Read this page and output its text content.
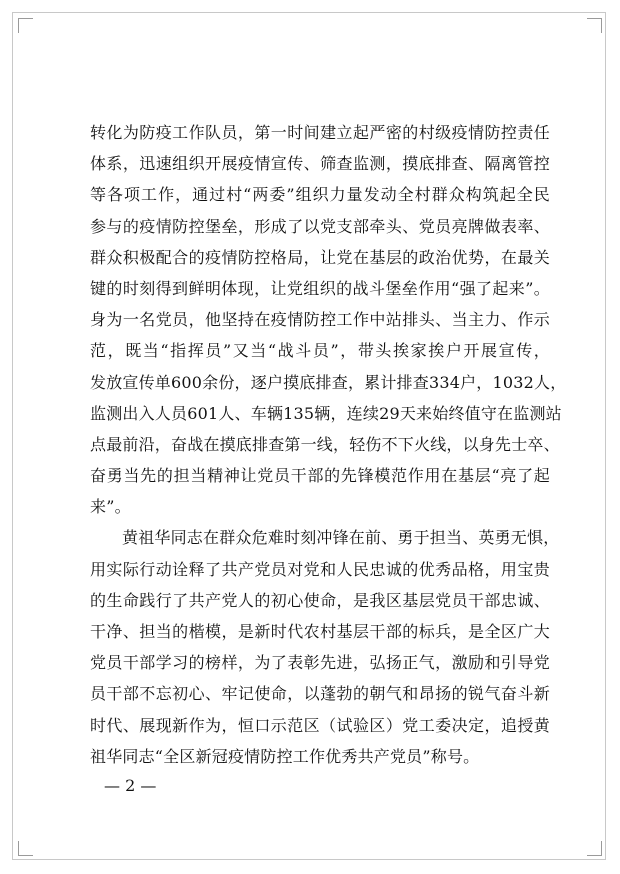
转化为防疫工作队员，第一时间建立起严密的村级疫情防控责任
体系，迅速组织开展疫情宣传、筛查监测，摸底排查、隔离管控
等各项工作，通过村“两委”组织力量发动全村群众构筑起全民
参与的疫情防控堡垒，形成了以党支部牵头、党员亮牌做表率、
群众积极配合的疫情防控格局，让党在基层的政治优势，在最关
键的时刻得到鲜明体现，让党组织的战斗堡垒作用“强了起来”。
身为一名党员，他坚持在疫情防控工作中站排头、当主力、作示
范，既当“指挥员”又当“战斗员”，带头挨家挨户开展宣传，
发放宣传单600余份，逐户摸底排查，累计排查334户，1032人，
监测出入人员601人、车辆135辆，连续29天来始终值守在监测站
点最前沿，奋战在摸底排查第一线，轻伤不下火线，以身先士卒、
奋勇当先的担当精神让党员干部的先锋模范作用在基层“亮了起
来”。
黄祖华同志在群众危难时刻冲锋在前、勇于担当、英勇无惧，
用实际行动诠释了共产党员对党和人民忠诚的优秀品格，用宝贵
的生命践行了共产党人的初心使命，是我区基层党员干部忠诚、
干净、担当的楷模，是新时代农村基层干部的标兵，是全区广大
党员干部学习的榜样，为了表彰先进，弘扬正气，激励和引导党
员干部不忘初心、牢记使命，以蓬勃的朝气和昂扬的锐气奋斗新
时代、展现新作为，恒口示范区（试验区）党工委决定，追授黄
祖华同志“全区新冠疫情防控工作优秀共产党员”称号。
— 2 —
